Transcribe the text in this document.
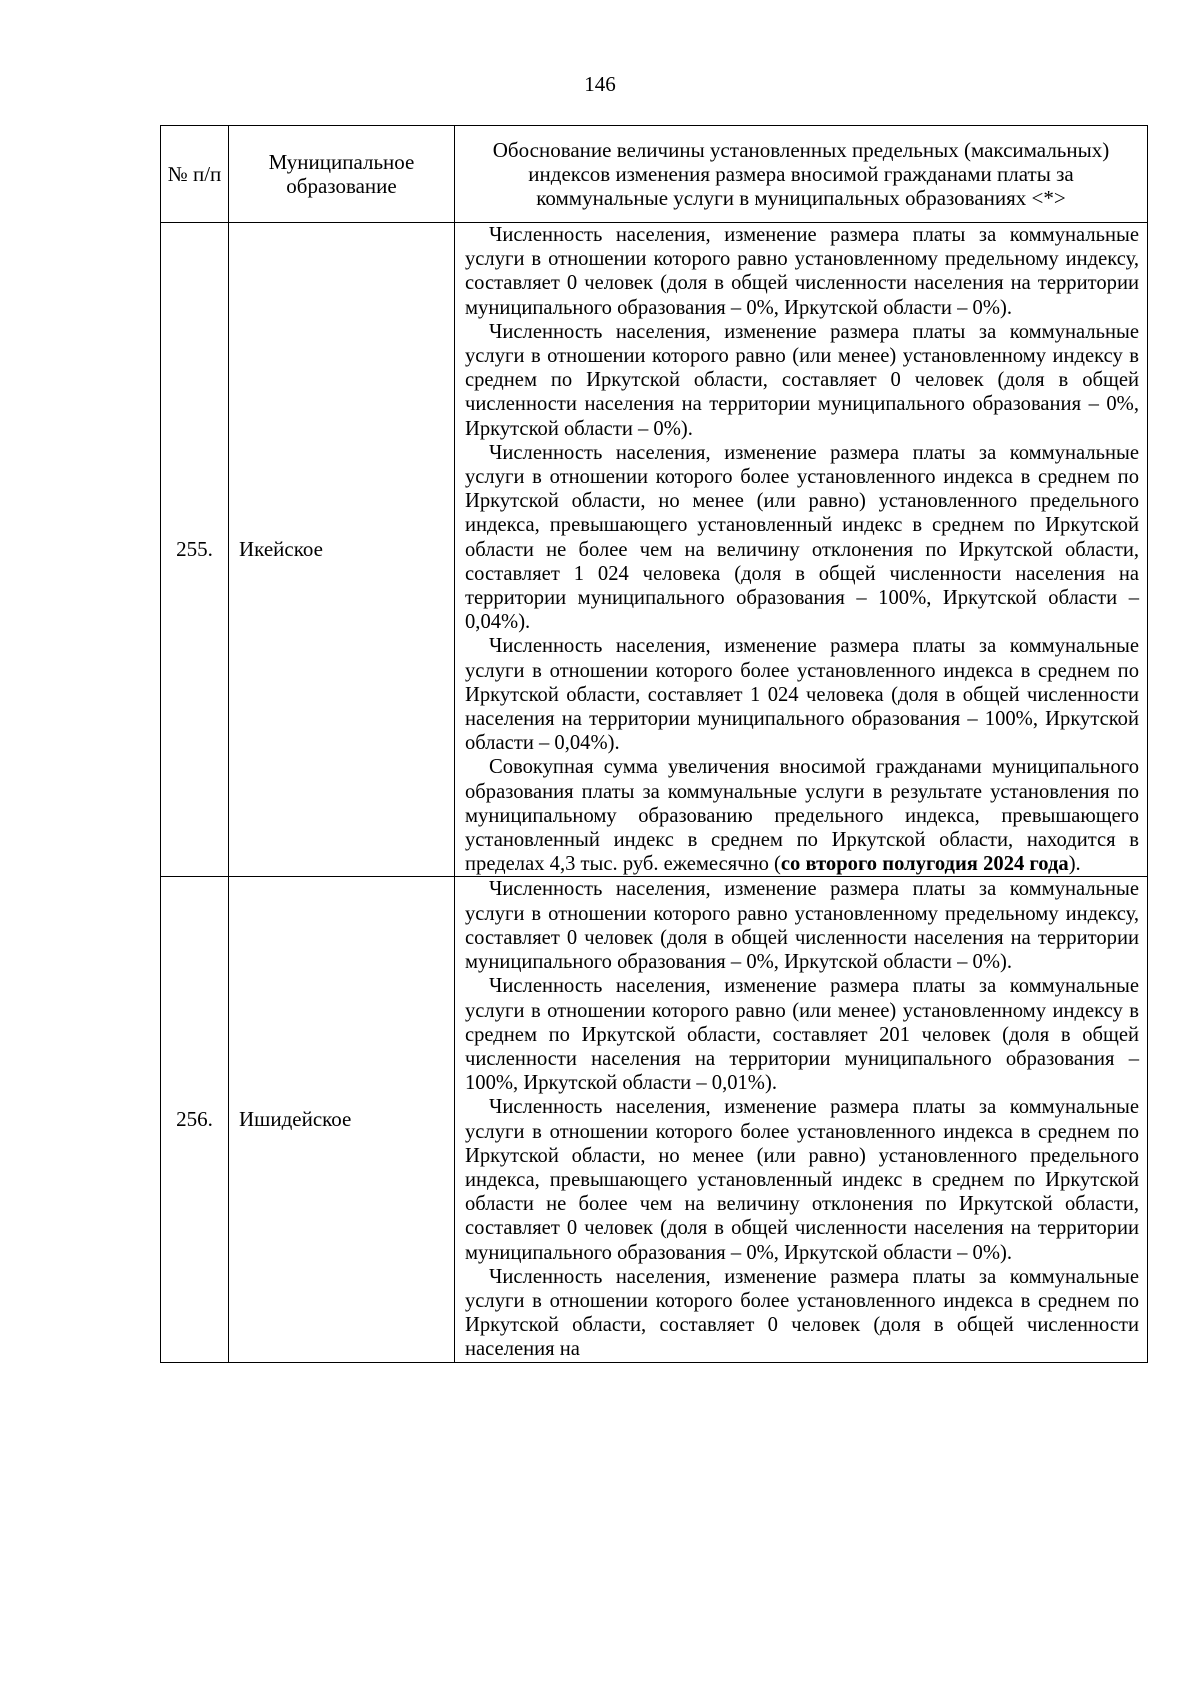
146
№ п/п	Муниципальное образование	Обоснование величины установленных предельных (максимальных) индексов изменения размера вносимой гражданами платы за коммунальные услуги в муниципальных образованиях <*>
255.	Икейское	Численность населения, изменение размера платы за коммунальные услуги в отношении которого равно установленному предельному индексу, составляет 0 человек (доля в общей численности населения на территории муниципального образования – 0%, Иркутской области – 0%).

Численность населения, изменение размера платы за коммунальные услуги в отношении которого равно (или менее) установленному индексу в среднем по Иркутской области, составляет 0 человек (доля в общей численности населения на территории муниципального образования – 0%, Иркутской области – 0%).

Численность населения, изменение размера платы за коммунальные услуги в отношении которого более установленного индекса в среднем по Иркутской области, но менее (или равно) установленного предельного индекса, превышающего установленный индекс в среднем по Иркутской области не более чем на величину отклонения по Иркутской области, составляет 1 024 человека (доля в общей численности населения на территории муниципального образования – 100%, Иркутской области – 0,04%).

Численность населения, изменение размера платы за коммунальные услуги в отношении которого более установленного индекса в среднем по Иркутской области, составляет 1 024 человека (доля в общей численности населения на территории муниципального образования – 100%, Иркутской области – 0,04%).

Совокупная сумма увеличения вносимой гражданами муниципального образования платы за коммунальные услуги в результате установления по муниципальному образованию предельного индекса, превышающего установленный индекс в среднем по Иркутской области, находится в пределах 4,3 тыс. руб. ежемесячно (со второго полугодия 2024 года).

256.	Ишидейское	Численность населения, изменение размера платы за коммунальные услуги в отношении которого равно установленному предельному индексу, составляет 0 человек (доля в общей численности населения на территории муниципального образования – 0%, Иркутской области – 0%).

Численность населения, изменение размера платы за коммунальные услуги в отношении которого равно (или менее) установленному индексу в среднем по Иркутской области, составляет 201 человек (доля в общей численности населения на территории муниципального образования – 100%, Иркутской области – 0,01%).

Численность населения, изменение размера платы за коммунальные услуги в отношении которого более установленного индекса в среднем по Иркутской области, но менее (или равно) установленного предельного индекса, превышающего установленный индекс в среднем по Иркутской области не более чем на величину отклонения по Иркутской области, составляет 0 человек (доля в общей численности населения на территории муниципального образования – 0%, Иркутской области – 0%).

Численность населения, изменение размера платы за коммунальные услуги в отношении которого более установленного индекса в среднем по Иркутской области, составляет 0 человек (доля в общей численности населения на
